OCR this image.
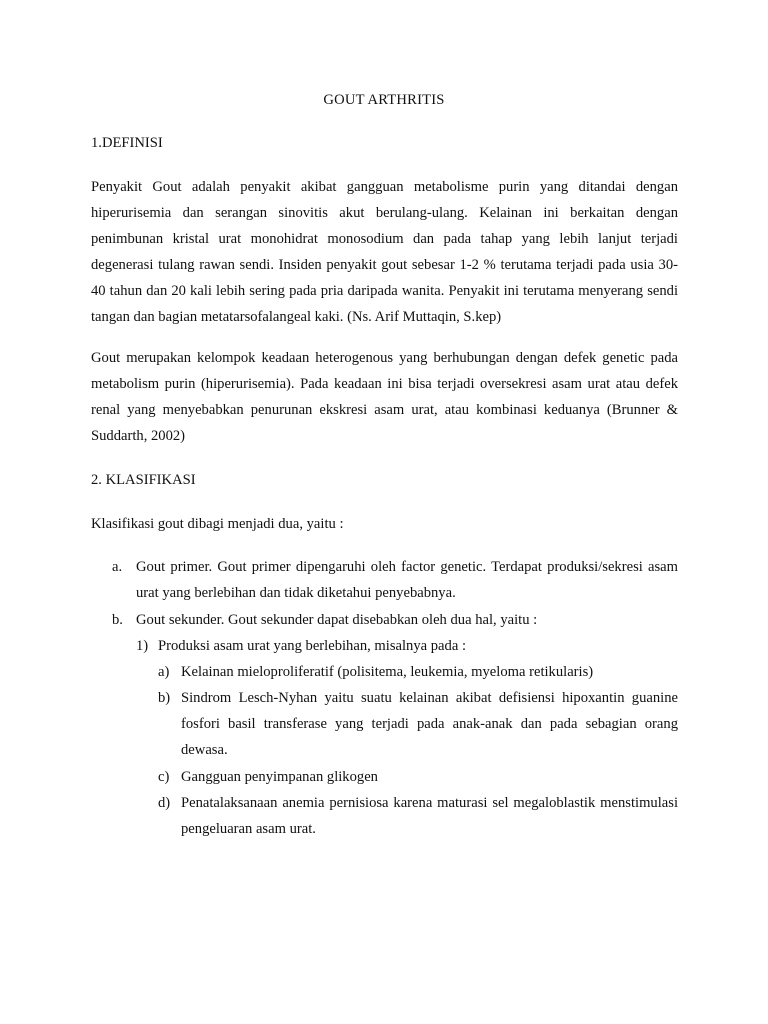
GOUT ARTHRITIS
1.DEFINISI
Penyakit Gout adalah penyakit akibat gangguan metabolisme purin yang ditandai dengan hiperurisemia dan serangan sinovitis akut berulang-ulang. Kelainan ini berkaitan dengan penimbunan kristal urat monohidrat monosodium dan pada tahap yang lebih lanjut terjadi degenerasi tulang rawan sendi. Insiden penyakit gout sebesar 1-2 % terutama terjadi pada usia 30-40 tahun dan 20 kali lebih sering pada pria daripada wanita. Penyakit ini terutama menyerang sendi tangan dan bagian metatarsofalangeal kaki. (Ns. Arif Muttaqin, S.kep)
Gout merupakan kelompok keadaan heterogenous yang berhubungan dengan defek genetic pada metabolism purin (hiperurisemia). Pada keadaan ini bisa terjadi oversekresi asam urat atau defek renal yang menyebabkan penurunan ekskresi asam urat, atau kombinasi keduanya (Brunner & Suddarth, 2002)
2. KLASIFIKASI
Klasifikasi gout dibagi menjadi dua, yaitu :
a. Gout primer. Gout primer dipengaruhi oleh factor genetic. Terdapat produksi/sekresi asam urat yang berlebihan dan tidak diketahui penyebabnya.
b. Gout sekunder. Gout sekunder dapat disebabkan oleh dua hal, yaitu :
1) Produksi asam urat yang berlebihan, misalnya pada :
a) Kelainan mieloproliferatif (polisitema, leukemia, myeloma retikularis)
b) Sindrom Lesch-Nyhan yaitu suatu kelainan akibat defisiensi hipoxantin guanine fosfori basil transferase yang terjadi pada anak-anak dan pada sebagian orang dewasa.
c) Gangguan penyimpanan glikogen
d) Penatalaksanaan anemia pernisiosa karena maturasi sel megaloblastik menstimulasi pengeluaran asam urat.
